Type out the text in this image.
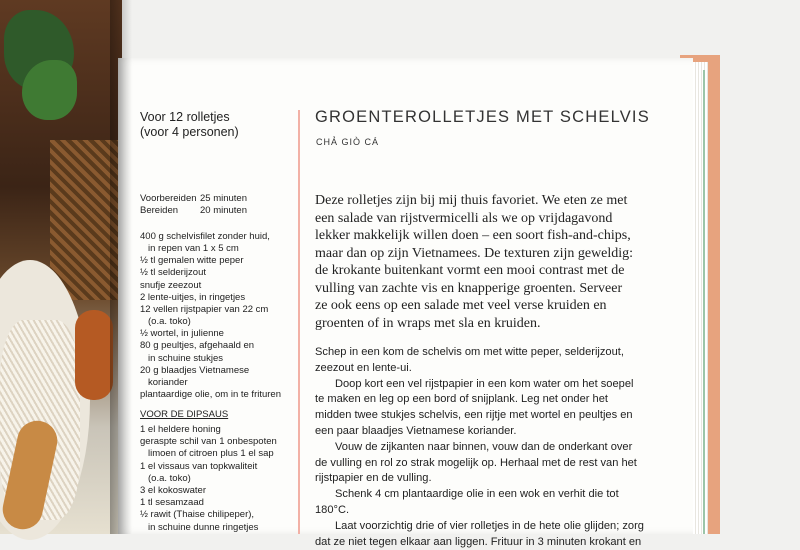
Voor 12 rolletjes
(voor 4 personen)
Voorbereiden 25 minuten
Bereiden 20 minuten
400 g schelvisfilet zonder huid,
in repen van 1 x 5 cm
½ tl gemalen witte peper
½ tl selderijzout
snufje zeezout
2 lente-uitjes, in ringetjes
12 vellen rijstpapier van 22 cm
(o.a. toko)
½ wortel, in julienne
80 g peultjes, afgehaald en
in schuine stukjes
20 g blaadjes Vietnamese
koriander
plantaardige olie, om in te frituren
VOOR DE DIPSAUS
1 el heldere honing
geraspte schil van 1 onbespoten
limoen of citroen plus 1 el sap
1 el vissaus van topkwaliteit
(o.a. toko)
3 el kokoswater
1 tl sesamzaad
½ rawit (Thaise chilipeper),
in schuine dunne ringetjes
GROENTEROLLETJES MET SCHELVIS
CHẢ GIÒ CÁ
Deze rolletjes zijn bij mij thuis favoriet. We eten ze met
een salade van rijstvermicelli als we op vrijdagavond
lekker makkelijk willen doen – een soort fish-and-chips,
maar dan op zijn Vietnamees. De texturen zijn geweldig:
de krokante buitenkant vormt een mooi contrast met de
vulling van zachte vis en knapperige groenten. Serveer
ze ook eens op een salade met veel verse kruiden en
groenten of in wraps met sla en kruiden.
Schep in een kom de schelvis om met witte peper, selderijzout,
zeezout en lente-ui.
Doop kort een vel rijstpapier in een kom water om het soepel
te maken en leg op een bord of snijplank. Leg net onder het
midden twee stukjes schelvis, een rijtje met wortel en peultjes en
een paar blaadjes Vietnamese koriander.
Vouw de zijkanten naar binnen, vouw dan de onderkant over
de vulling en rol zo strak mogelijk op. Herhaal met de rest van het
rijstpapier en de vulling.
Schenk 4 cm plantaardige olie in een wok en verhit die tot
180°C.
Laat voorzichtig drie of vier rolletjes in de hete olie glijden; zorg
dat ze niet tegen elkaar aan liggen. Frituur in 3 minuten krokant en
